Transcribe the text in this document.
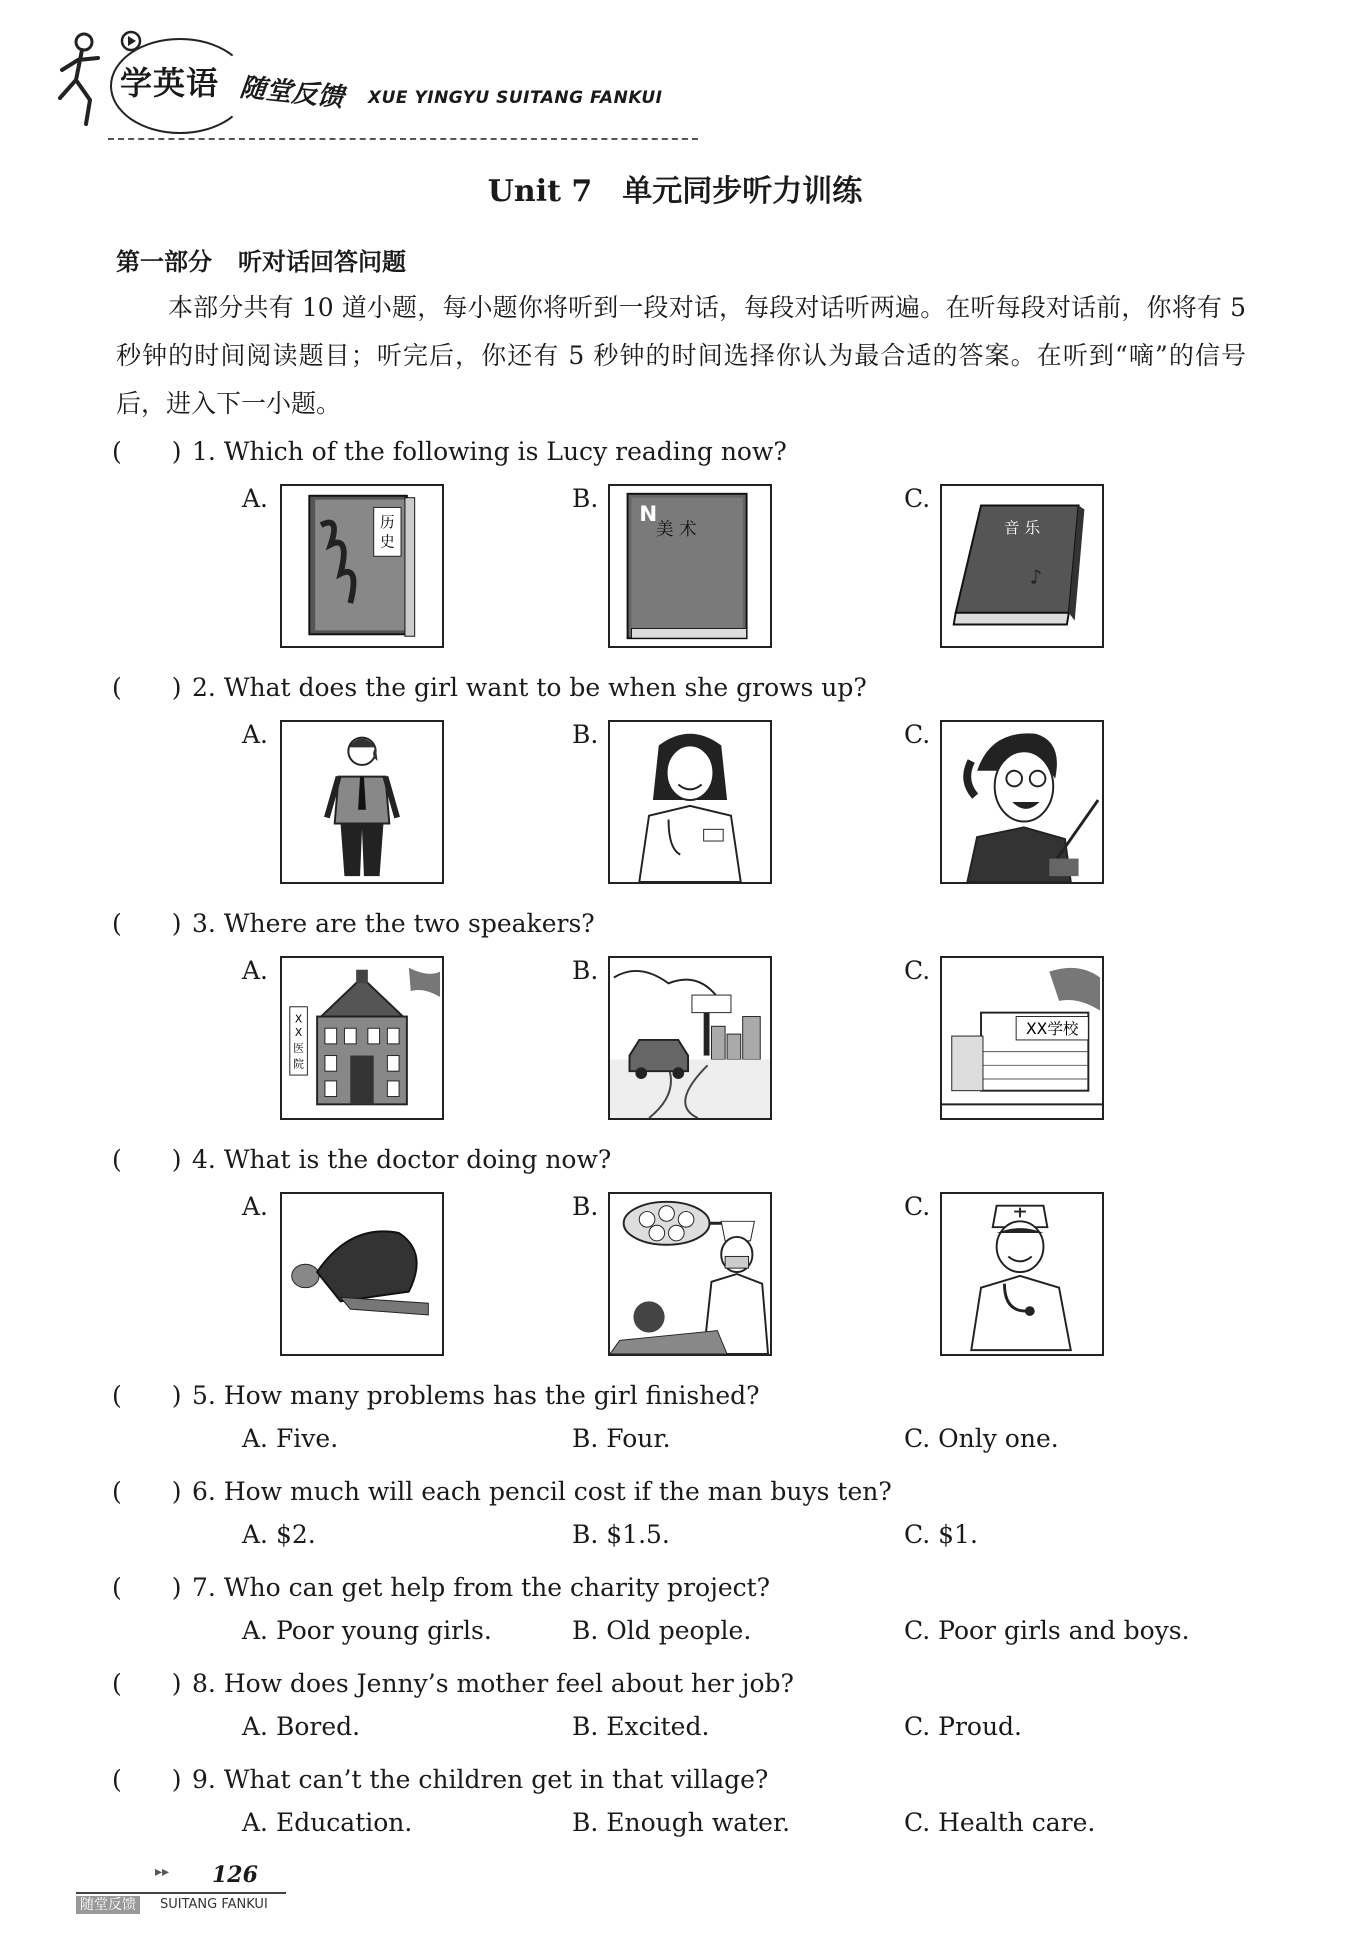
学英语 随堂反馈 XUE YINGYU SUITANG FANKUI
Unit 7 单元同步听力训练
第一部分 听对话回答问题
本部分共有 10 道小题，每小题你将听到一段对话，每段对话听两遍。在听每段对话前，你将有 5 秒钟的时间阅读题目；听完后，你还有 5 秒钟的时间选择你认为最合适的答案。在听到“嘀”的信号后，进入下一小题。
(　　) 1. Which of the following is Lucy reading now?
A.
历
史
B.
N
美 术
C.
音 乐
♪
(　　) 2. What does the girl want to be when she grows up?
A.	B.	C.
(　　) 3. Where are the two speakers?
A.
X
X
医
院
B.	C.
XX学校
(　　) 4. What is the doctor doing now?
A.	B.	C.
(　　) 5. How many problems has the girl finished?
A. Five.	B. Four.	C. Only one.
(　　) 6. How much will each pencil cost if the man buys ten?
A. $2.	B. $1.5.	C. $1.
(　　) 7. Who can get help from the charity project?
A. Poor young girls.	B. Old people.	C. Poor girls and boys.
(　　) 8. How does Jenny’s mother feel about her job?
A. Bored.	B. Excited.	C. Proud.
(　　) 9. What can’t the children get in that village?
A. Education.	B. Enough water.	C. Health care.
▸▸ 126
随堂反馈	SUITANG FANKUI
